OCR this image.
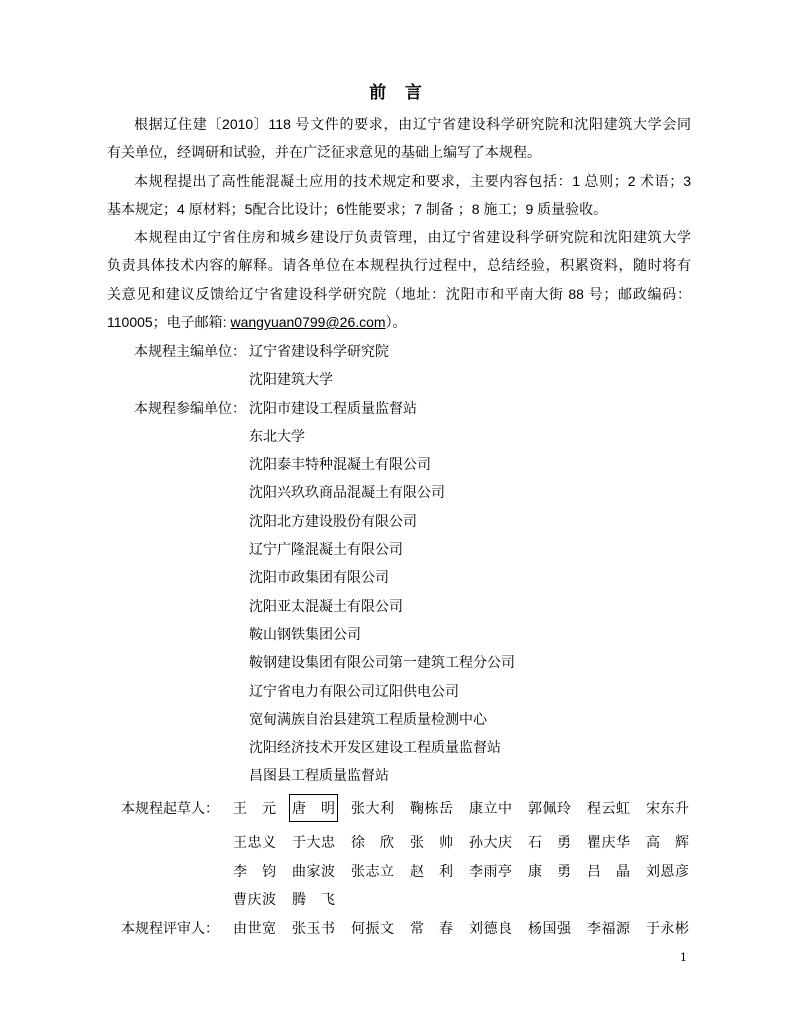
前 言
根据辽住建〔2010〕118 号文件的要求，由辽宁省建设科学研究院和沈阳建筑大学会同
有关单位，经调研和试验，并在广泛征求意见的基础上编写了本规程。
本规程提出了高性能混凝土应用的技术规定和要求，主要内容包括：1 总则；2 术语；3
基本规定；4 原材料；5配合比设计；6性能要求；7 制备 ；8 施工；9 质量验收。
本规程由辽宁省住房和城乡建设厅负责管理，由辽宁省建设科学研究院和沈阳建筑大学
负责具体技术内容的解释。请各单位在本规程执行过程中，总结经验，积累资料，随时将有
关意见和建议反馈给辽宁省建设科学研究院（地址：沈阳市和平南大街 88 号；邮政编码：
110005；电子邮箱: wangyuan0799@26.com）。
本规程主编单位： 辽宁省建设科学研究院
沈阳建筑大学
本规程参编单位： 沈阳市建设工程质量监督站
东北大学
沈阳泰丰特种混凝土有限公司
沈阳兴玖玖商品混凝土有限公司
沈阳北方建设股份有限公司
辽宁广隆混凝土有限公司
沈阳市政集团有限公司
沈阳亚太混凝土有限公司
鞍山钢铁集团公司
鞍钢建设集团有限公司第一建筑工程分公司
辽宁省电力有限公司辽阳供电公司
宽甸满族自治县建筑工程质量检测中心
沈阳经济技术开发区建设工程质量监督站
昌图县工程质量监督站
本规程起草人： 王 元 唐 明 张大利 鞠栋岳 康立中 郭佩玲 程云虹 宋东升
王忠义 于大忠 徐 欣 张 帅 孙大庆 石 勇 瞿庆华 高 辉
李 钧 曲家波 张志立 赵 利 李雨亭 康 勇 吕 晶 刘恩彦
曹庆波 腾 飞
本规程评审人： 由世宽 张玉书 何振文 常 春 刘德良 杨国强 李福源 于永彬
1
